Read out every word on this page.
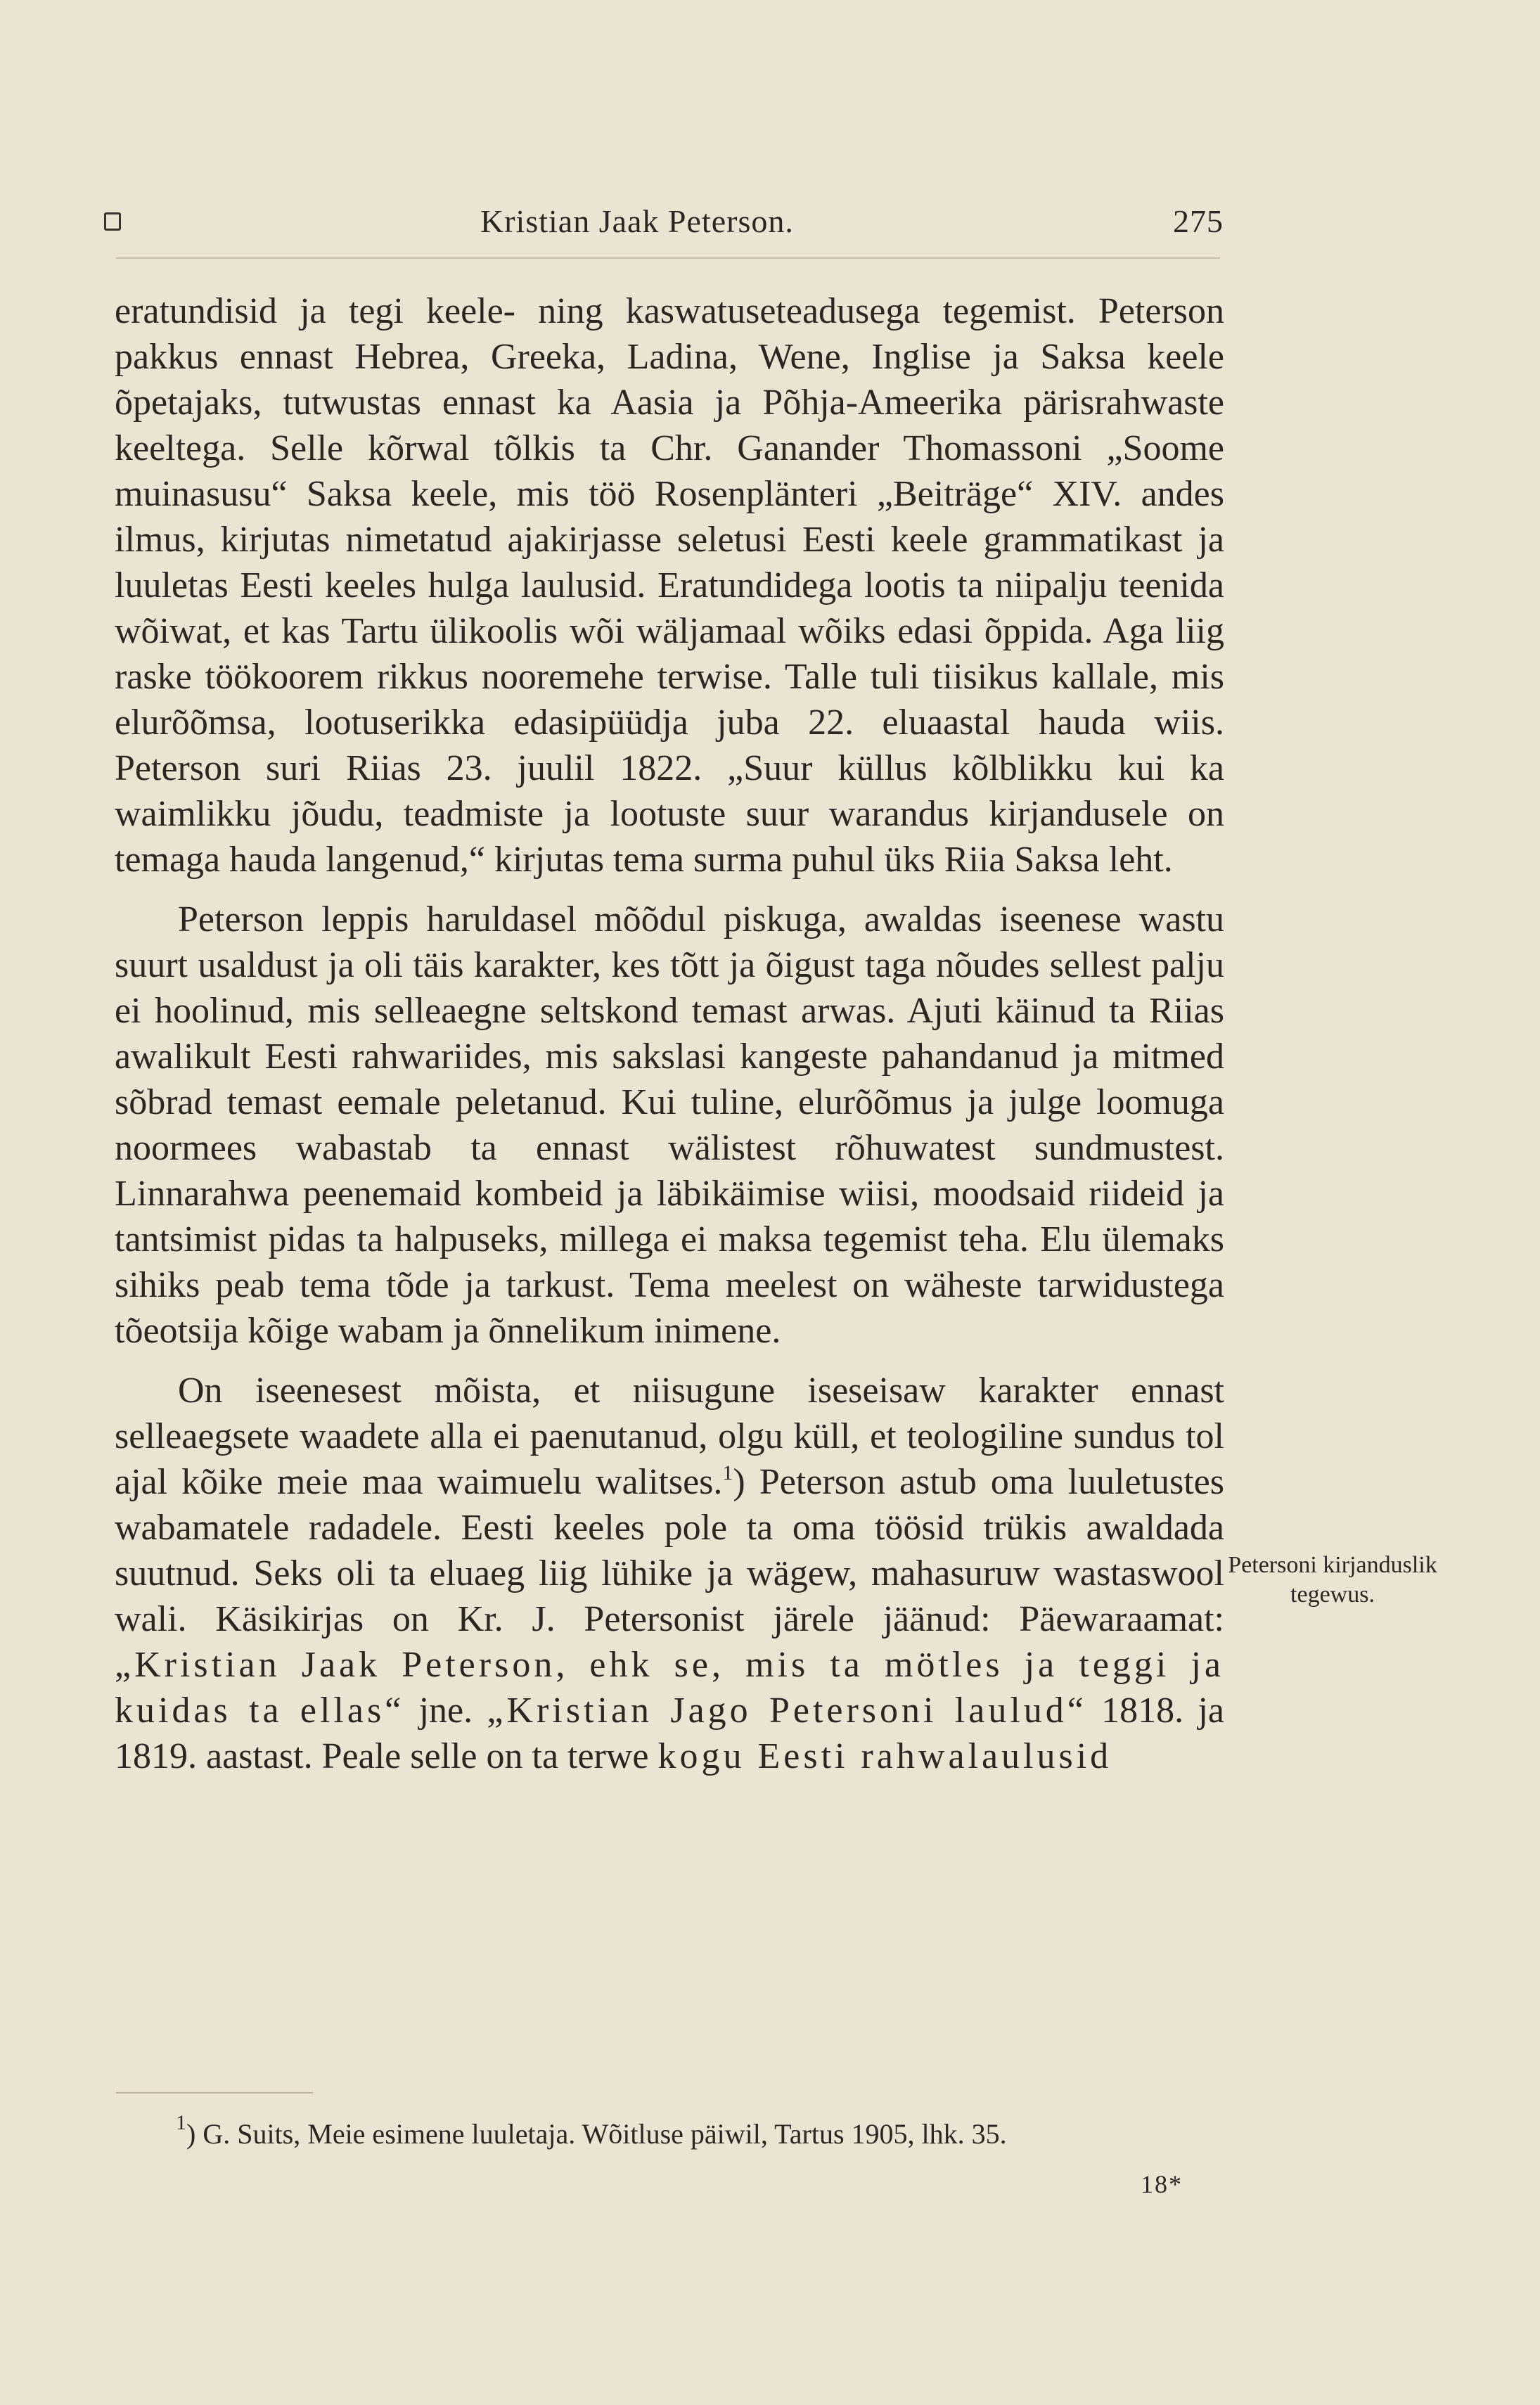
Kristian Jaak Peterson.	275

eratundisid ja tegi keele- ning kaswatuseteadusega tegemist. Peterson pakkus ennast Hebrea, Greeka, Ladina, Wene, Inglise ja Saksa keele õpetajaks, tutwustas ennast ka Aasia ja Põhja-Ameerika pärisrahwaste keeltega. Selle kõrwal tõlkis ta Chr. Ganander Thomassoni „Soome muinasusu“ Saksa keele, mis töö Rosenplänteri „Beiträge“ XIV. andes ilmus, kirjutas nimetatud ajakirjasse seletusi Eesti keele grammatikast ja luuletas Eesti keeles hulga laulusid. Eratundidega lootis ta niipalju teenida wõiwat, et kas Tartu ülikoolis wõi wäljamaal wõiks edasi õppida. Aga liig raske töökoorem rikkus nooremehe terwise. Talle tuli tiisikus kallale, mis elurõõmsa, lootuserikka edasipüüdja juba 22. eluaastal hauda wiis. Peterson suri Riias 23. juulil 1822. „Suur küllus kõlblikku kui ka waimlikku jõudu, teadmiste ja lootuste suur warandus kirjandusele on temaga hauda langenud,“ kirjutas tema surma puhul üks Riia Saksa leht.

Peterson leppis haruldasel mõõdul piskuga, awaldas iseenese wastu suurt usaldust ja oli täis karakter, kes tõtt ja õigust taga nõudes sellest palju ei hoolinud, mis selleaegne seltskond temast arwas. Ajuti käinud ta Riias awalikult Eesti rahwariides, mis sakslasi kangeste pahandanud ja mitmed sõbrad temast eemale peletanud. Kui tuline, elurõõmus ja julge loomuga noormees wabastab ta ennast wälistest rõhuwatest sundmustest. Linnarahwa peenemaid kombeid ja läbikäimise wiisi, moodsaid riideid ja tantsimist pidas ta halpuseks, millega ei maksa tegemist teha. Elu ülemaks sihiks peab tema tõde ja tarkust. Tema meelest on wäheste tarwidustega tõeotsija kõige wabam ja õnnelikum inimene.

On iseenesest mõista, et niisugune iseseisaw karakter ennast selleaegsete waadete alla ei paenutanud, olgu küll, et teologiline sundus tol ajal kõike meie maa waimuelu walitses.$^1$) Peterson astub oma luuletustes wabamatele radadele. Eesti keeles pole ta oma töösid trükis awaldada suutnud. Seks oli ta eluaeg liig lühike ja wägew, mahasuruw wastaswool wali. Käsikirjas on Kr. J. Petersonist järele jäänud: Päewaraamat: „Kristian Jaak Peterson, ehk se, mis ta mötles ja teggi ja kuidas ta ellas“ jne. „Kristian Jago Petersoni laulud“ 1818. ja 1819. aastast. Peale selle on ta terwe kogu Eesti rahwalaulusid

Petersoni kirjanduslik tegewus.
$^1$) G. Suits, Meie esimene luuletaja. Wõitluse päiwil, Tartus 1905, lhk. 35.
18*
